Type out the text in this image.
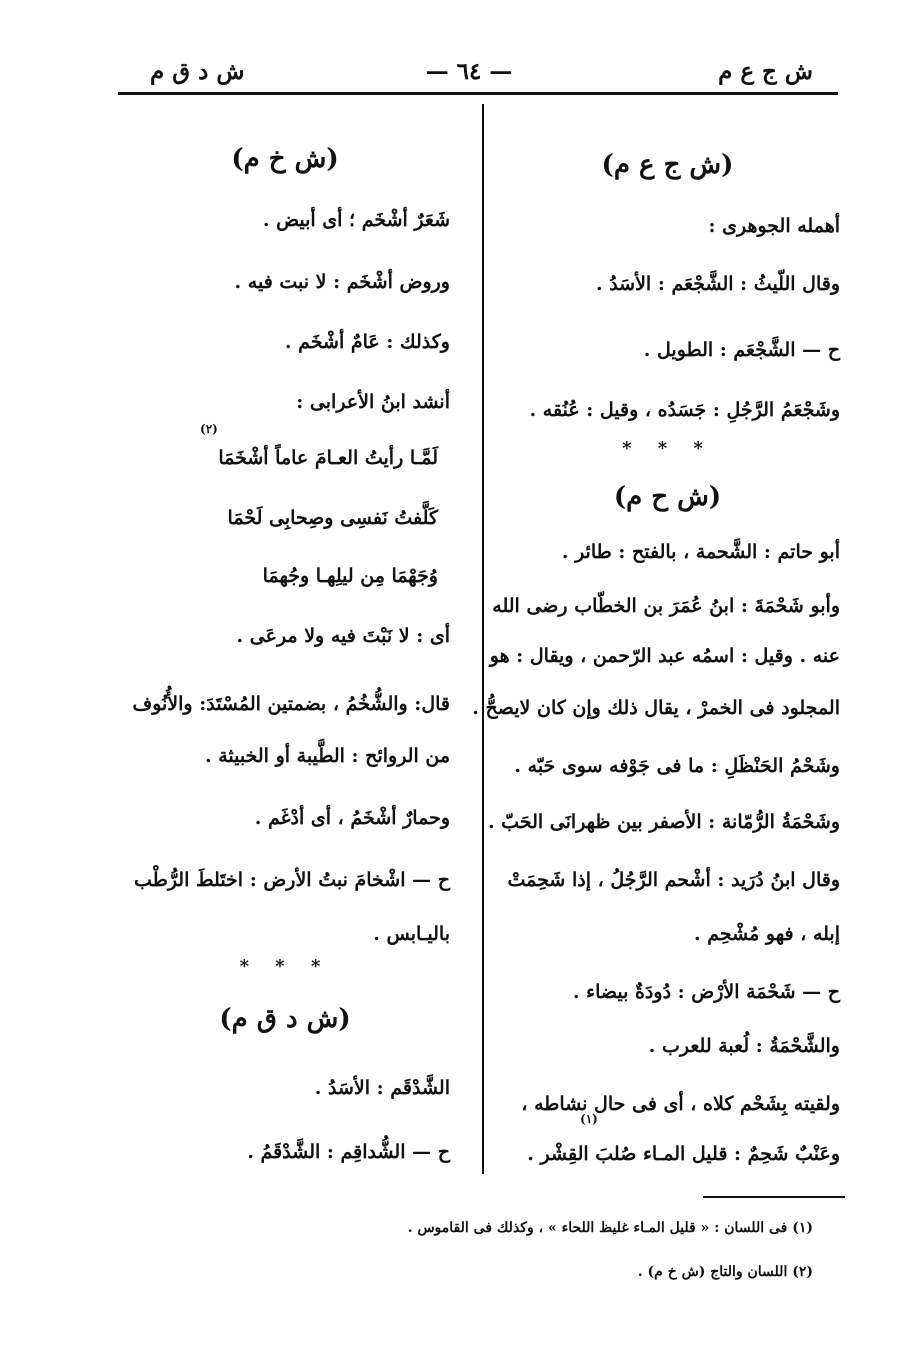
ش ج ع م
— ٦٤ —
ش د ق م
(ش ج ع م)
أهمله الجوهرى :
وقال اللّيثُ : الشَّجْعَم : الأسَدُ .
ح — الشَّجْعَم : الطويل .
وشَجْعَمُ الرَّجُلِ : جَسَدُه ، وقيل : عُنُقه .
* * *
(ش ح م)
أبو حاتم : الشَّحمة ، بالفتح : طائر .
وأبو شَحْمَةَ : ابنُ عُمَرَ بن الخطّاب رضى الله
عنه . وقيل : اسمُه عبد الرّحمن ، ويقال : هو
المجلود فى الخمرْ ، يقال ذلك وإن كان لايصحُّ .
وشَحْمُ الحَنْظَلِ : ما فى جَوْفه سوى حَبّه .
وشَحْمَةُ الرُّمّانة : الأصفر بين ظهرانَى الحَبّ .
وقال ابنُ دُرَيد : أشْحم الرَّجُلُ ، إذا شَحِمَتْ
إبله ، فهو مُشْحِم .
ح — شَحْمَة الأرْض : دُودَةٌ بيضاء .
والشَّحْمَةُ : لُعبة للعرب .
ولقيته بِشَحْم كلاه ، أى فى حال نشاطه ،
(١)
وعَنْبٌ شَحِمٌ : قليل المـاء صُلبَ القِشْر .
(ش خ م)
شَعَرٌ أشْخَم ؛ أى أبيض .
وروض أشْخَم : لا نبت فيه .
وكذلك : عَامٌ أشْخَم .
أنشد ابنُ الأعرابى :
(٢)
لَمَّـا رأيتُ العـامَ عاماً أشْخَمَا
كَلَّفتُ نَفسِى وصِحابِى لَحْمَا
وُجَهْمَا مِن ليلِهـا وجُهمَا
أى : لا نَبْتَ فيه ولا مرعَى .
قال: والشُّخُمُ ، بضمتين المُسْتَدَ: والأُنُوف
من الروائح : الطَّيبة أو الخبيثة .
وحمارٌ أشْخَمُ ، أى أدْغَم .
ح — اشْخامَ نبتُ الأرض : اختَلطَ الرُّطْب
باليـابس .
* * *
(ش د ق م)
الشَّدْقَم : الأسَدُ .
ح — الشُّداقِم : الشَّدْقَمُ .
(١) فى اللسان : « قليل المـاء غليظ اللحاء » ، وكذلك فى القاموس .
(٢) اللسان والتاج (ش خ م) .
